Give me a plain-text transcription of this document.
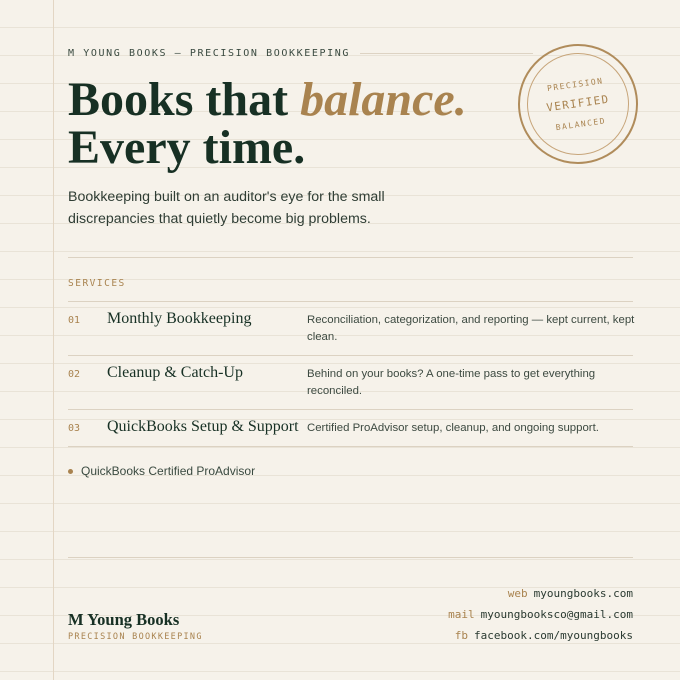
M YOUNG BOOKS — PRECISION BOOKKEEPING
PRECISION
VERIFIED
BALANCED
Books that balance.
Every time.

Bookkeeping built on an auditor's eye for the small discrepancies that quietly become big problems.

SERVICES
01 Monthly Bookkeeping	Reconciliation, categorization, and reporting — kept current, kept clean.
02 Cleanup & Catch-Up	Behind on your books? A one-time pass to get everything reconciled.
03 QuickBooks Setup & Support Certified ProAdvisor setup, cleanup, and ongoing support.
QuickBooks Certified ProAdvisor
M Young Books
PRECISION BOOKKEEPING
web myoungbooks.com
mail myoungbooksco@gmail.com
fb facebook.com/myoungbooks
